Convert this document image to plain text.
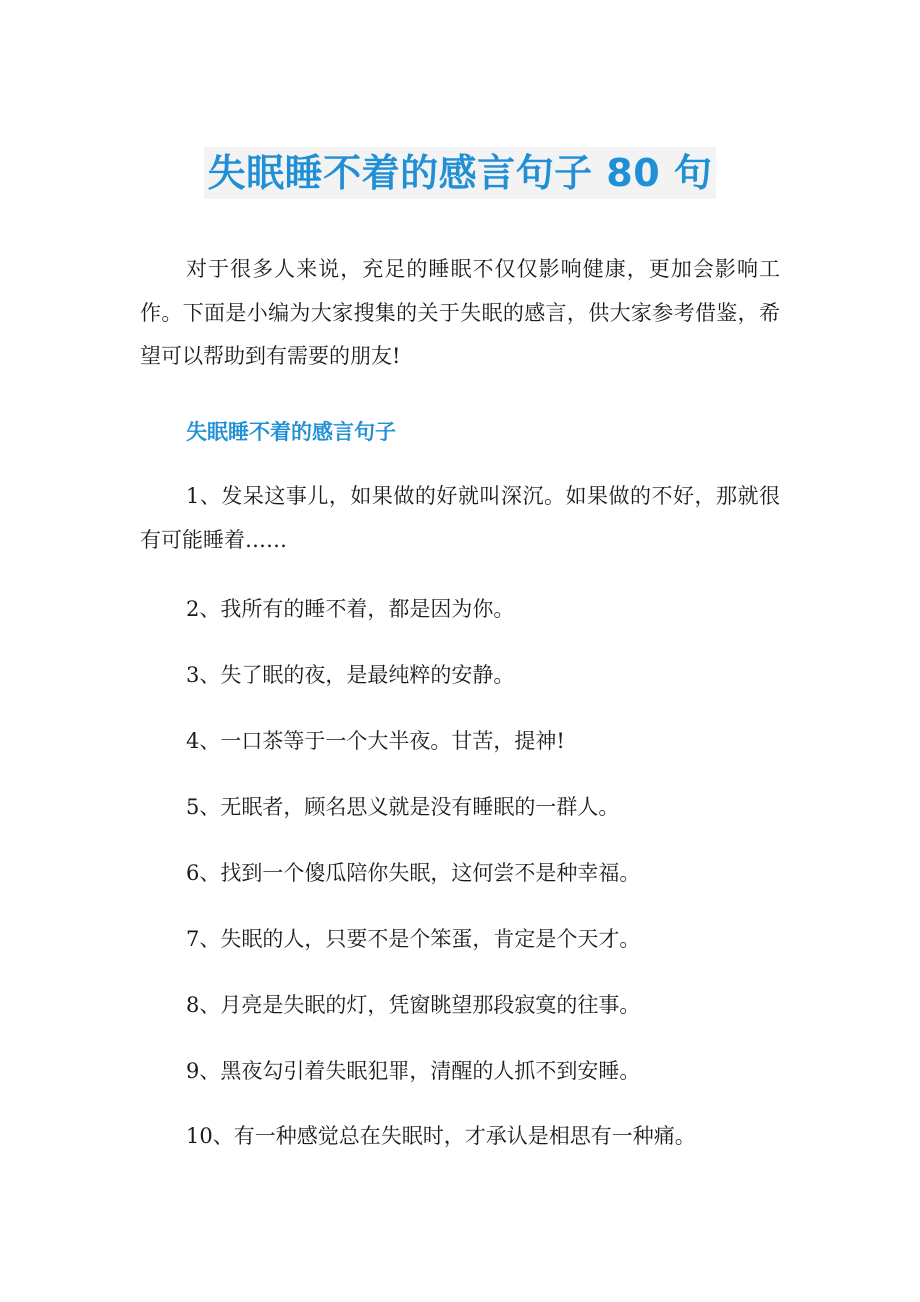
失眠睡不着的感言句子 80 句

对于很多人来说，充足的睡眠不仅仅影响健康，更加会影响工作。下面是小编为大家搜集的关于失眠的感言，供大家参考借鉴，希望可以帮助到有需要的朋友!

失眠睡不着的感言句子

1、发呆这事儿，如果做的好就叫深沉。如果做的不好，那就很有可能睡着……

2、我所有的睡不着，都是因为你。

3、失了眠的夜，是最纯粹的安静。

4、一口茶等于一个大半夜。甘苦，提神!

5、无眠者，顾名思义就是没有睡眠的一群人。

6、找到一个傻瓜陪你失眠，这何尝不是种幸福。

7、失眠的人，只要不是个笨蛋，肯定是个天才。

8、月亮是失眠的灯，凭窗眺望那段寂寞的往事。

9、黑夜勾引着失眠犯罪，清醒的人抓不到安睡。

10、有一种感觉总在失眠时，才承认是相思有一种痛。
